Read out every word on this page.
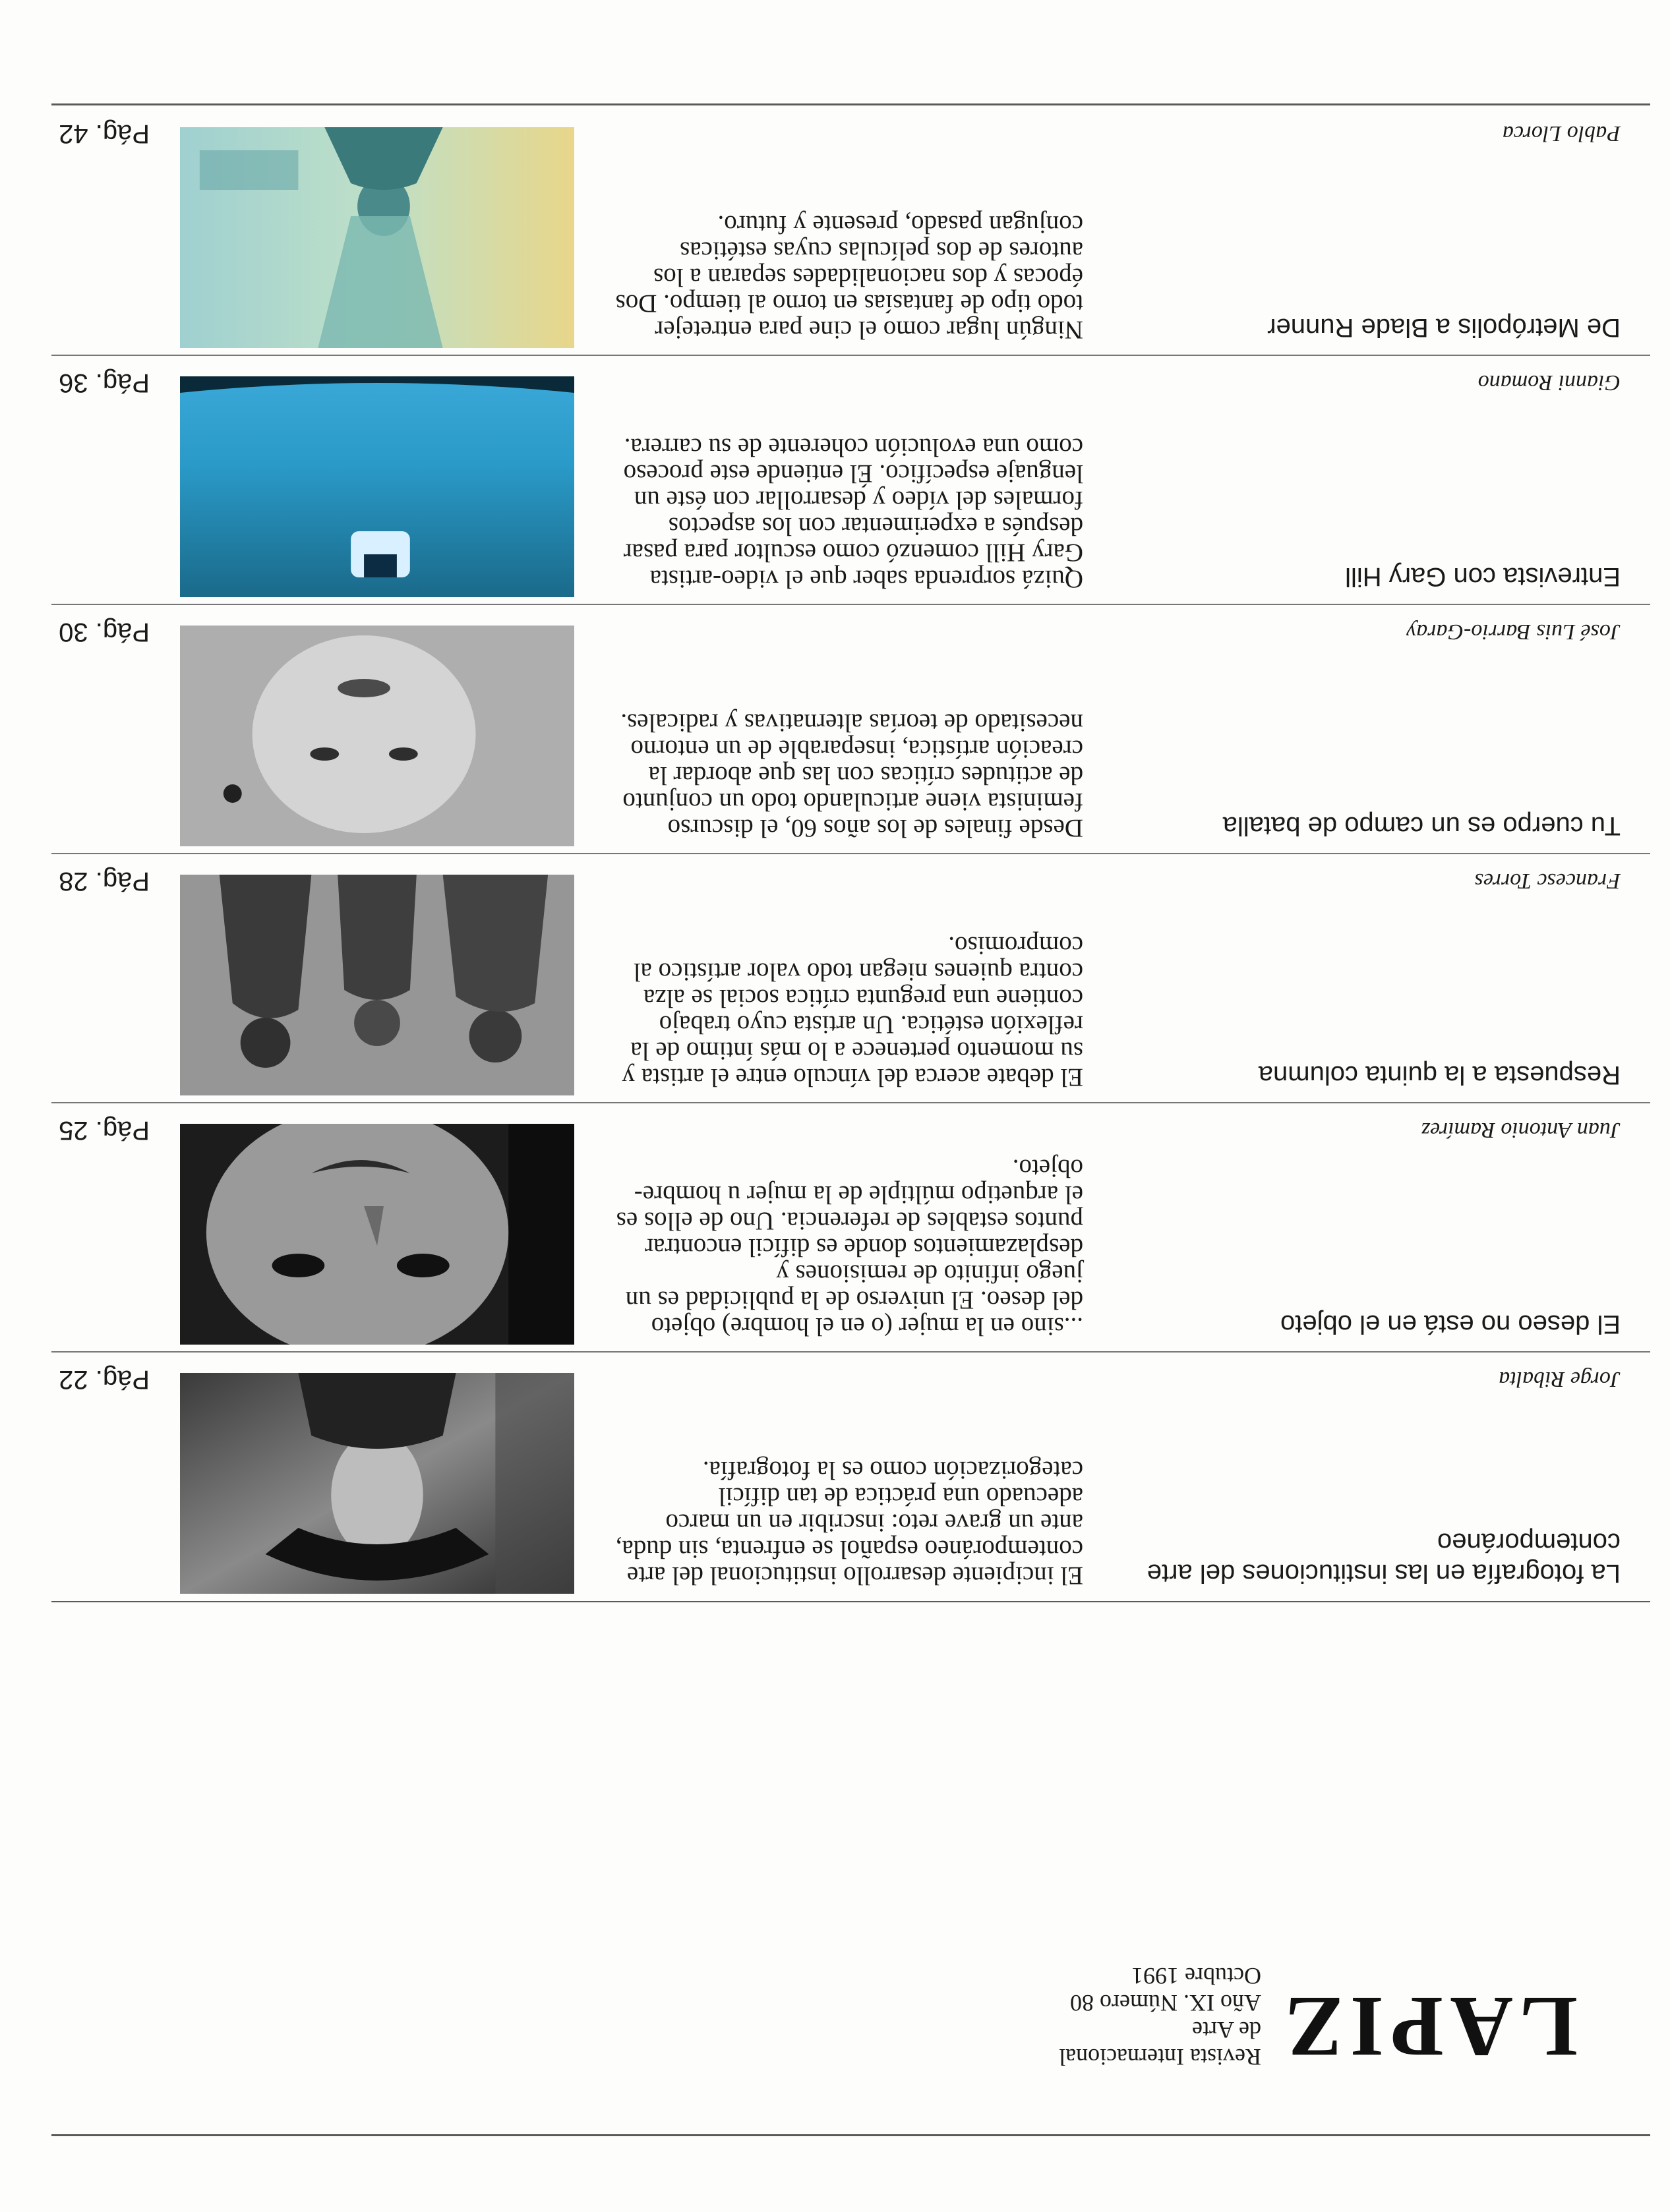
LAPIZ
Revista Internacional
de Arte
Año IX. Número 80
Octubre 1991
La fotografía en las instituciones del arte contemporáneo
El incipiente desarrollo institucional del arte contemporáneo español se enfrenta, sin duda, ante un grave reto: inscribir en un marco adecuado una práctica de tan difícil categorización como es la fotografía.
Jorge Ribalta
Pág. 22
El deseo no está en el objeto
...sino en la mujer (o en el hombre) objeto del deseo. El universo de la publicidad es un juego infinito de remisiones y desplazamientos donde es difícil encontrar puntos estables de referencia. Uno de ellos es el arquetipo múltiple de la mujer u hombre-objeto.
Juan Antonio Ramírez
Pág. 25
Respuesta a la quinta columna
El debate acerca del vínculo entre el artista y su momento pertenece a lo más íntimo de la reflexión estética. Un artista cuyo trabajo contiene una pregunta crítica social se alza contra quienes niegan todo valor artístico al compromiso.
Francesc Torres
Pág. 28
Tu cuerpo es un campo de batalla
Desde finales de los años 60, el discurso feminista viene articulando todo un conjunto de actitudes críticas con las que abordar la creación artística, inseparable de un entorno necesitado de teorías alternativas y radicales.
José Luis Barrio-Garay
Pág. 30
Entrevista con Gary Hill
Quizá sorprenda saber que el video-artista Gary Hill comenzó como escultor para pasar después a experimentar con los aspectos formales del vídeo y desarrollar con éste un lenguaje específico. Él entiende este proceso como una evolución coherente de su carrera.
Gianni Romano
Pág. 36
De Metrópolis a Blade Runner
Ningún lugar como el cine para entretejer todo tipo de fantasías en torno al tiempo. Dos épocas y dos nacionalidades separan a los autores de dos películas cuyas estéticas conjugan pasado, presente y futuro.
Pablo Llorca
Pág. 42
